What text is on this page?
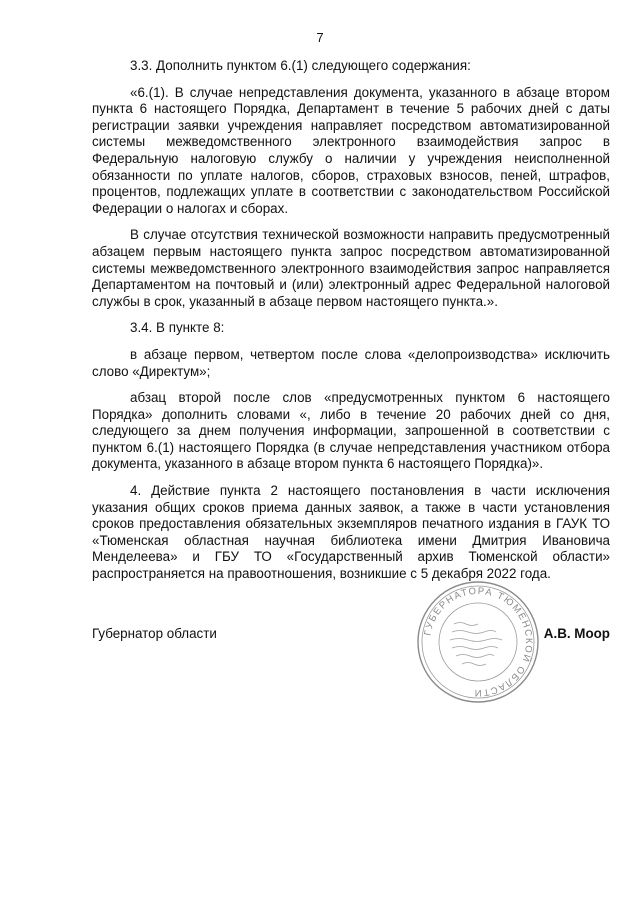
7

3.3. Дополнить пунктом 6.(1) следующего содержания:

«6.(1). В случае непредставления документа, указанного в абзаце втором пункта 6 настоящего Порядка, Департамент в течение 5 рабочих дней с даты регистрации заявки учреждения направляет посредством автоматизированной системы межведомственного электронного взаимодействия запрос в Федеральную налоговую службу о наличии у учреждения неисполненной обязанности по уплате налогов, сборов, страховых взносов, пеней, штрафов, процентов, подлежащих уплате в соответствии с законодательством Российской Федерации о налогах и сборах.

В случае отсутствия технической возможности направить предусмотренный абзацем первым настоящего пункта запрос посредством автоматизированной системы межведомственного электронного взаимодействия запрос направляется Департаментом на почтовый и (или) электронный адрес Федеральной налоговой службы в срок, указанный в абзаце первом настоящего пункта.».

3.4. В пункте 8:

в абзаце первом, четвертом после слова «делопроизводства» исключить слово «Директум»;

абзац второй после слов «предусмотренных пунктом 6 настоящего Порядка» дополнить словами «, либо в течение 20 рабочих дней со дня, следующего за днем получения информации, запрошенной в соответствии с пунктом 6.(1) настоящего Порядка (в случае непредставления участником отбора документа, указанного в абзаце втором пункта 6 настоящего Порядка)».

4. Действие пункта 2 настоящего постановления в части исключения указания общих сроков приема данных заявок, а также в части установления сроков предоставления обязательных экземпляров печатного издания в ГАУК ТО «Тюменская областная научная библиотека имени Дмитрия Ивановича Менделеева» и ГБУ ТО «Государственный архив Тюменской области» распространяется на правоотношения, возникшие с 5 декабря 2022 года.

ГУБЕРНАТОРА ТЮМЕНСКОЙ ОБЛАСТИ
Губернатор области	А.В. Моор
